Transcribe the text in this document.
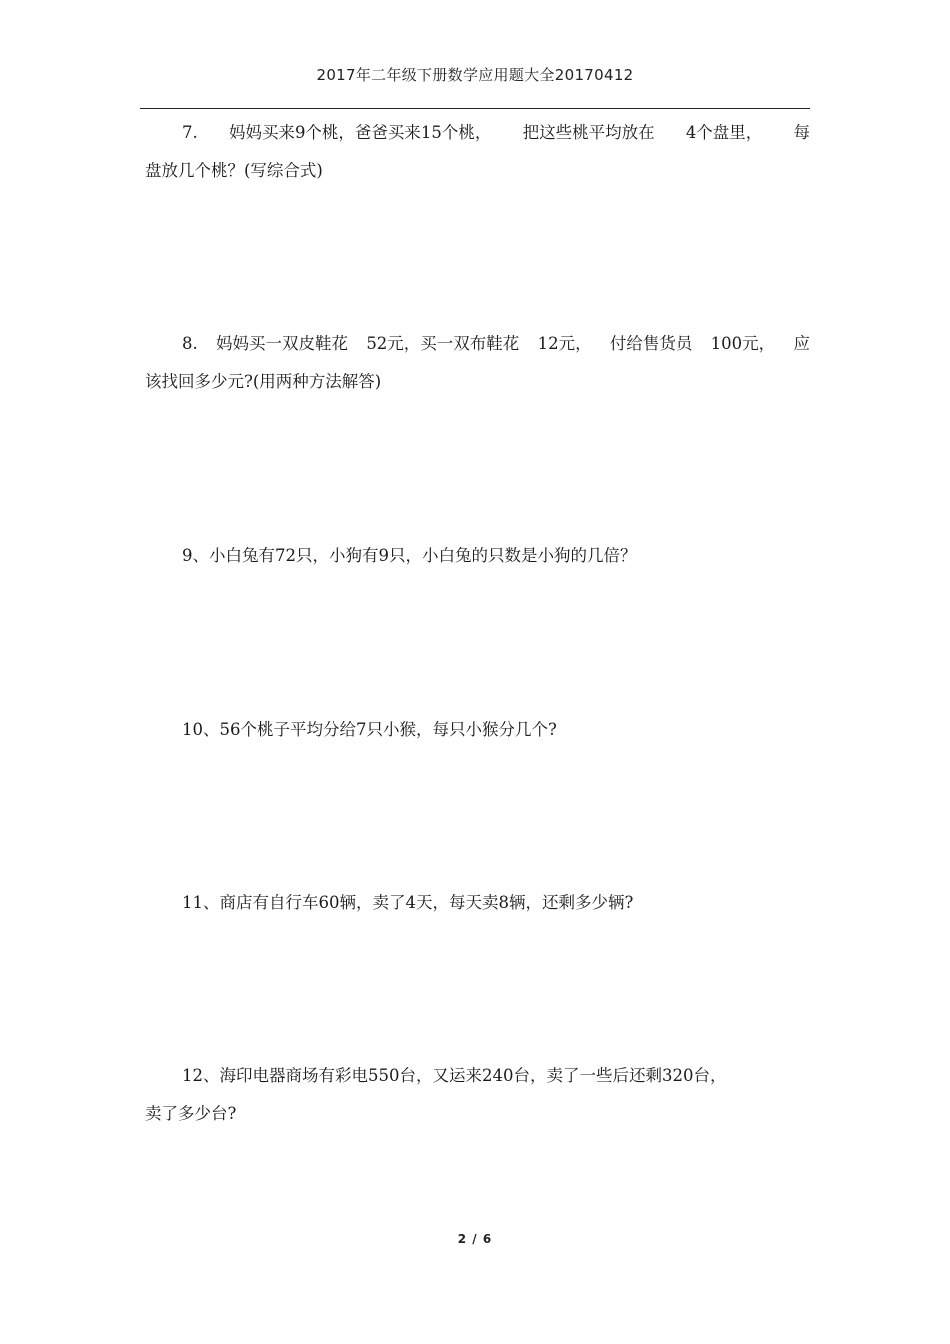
2017年二年级下册数学应用题大全20170412
7. 妈妈买来9个桃，爸爸买来15个桃， 把这些桃平均放在 4个盘里， 每
盘放几个桃？(写综合式)
8. 妈妈买一双皮鞋花 52元，买一双布鞋花 12元， 付给售货员 100元， 应
该找回多少元?(用两种方法解答)
9、小白兔有72只，小狗有9只，小白兔的只数是小狗的几倍？
10、56个桃子平均分给7只小猴，每只小猴分几个?
11、商店有自行车60辆，卖了4天，每天卖8辆，还剩多少辆?
12、海印电器商场有彩电550台，又运来240台，卖了一些后还剩320台，
卖了多少台?
2 / 6
